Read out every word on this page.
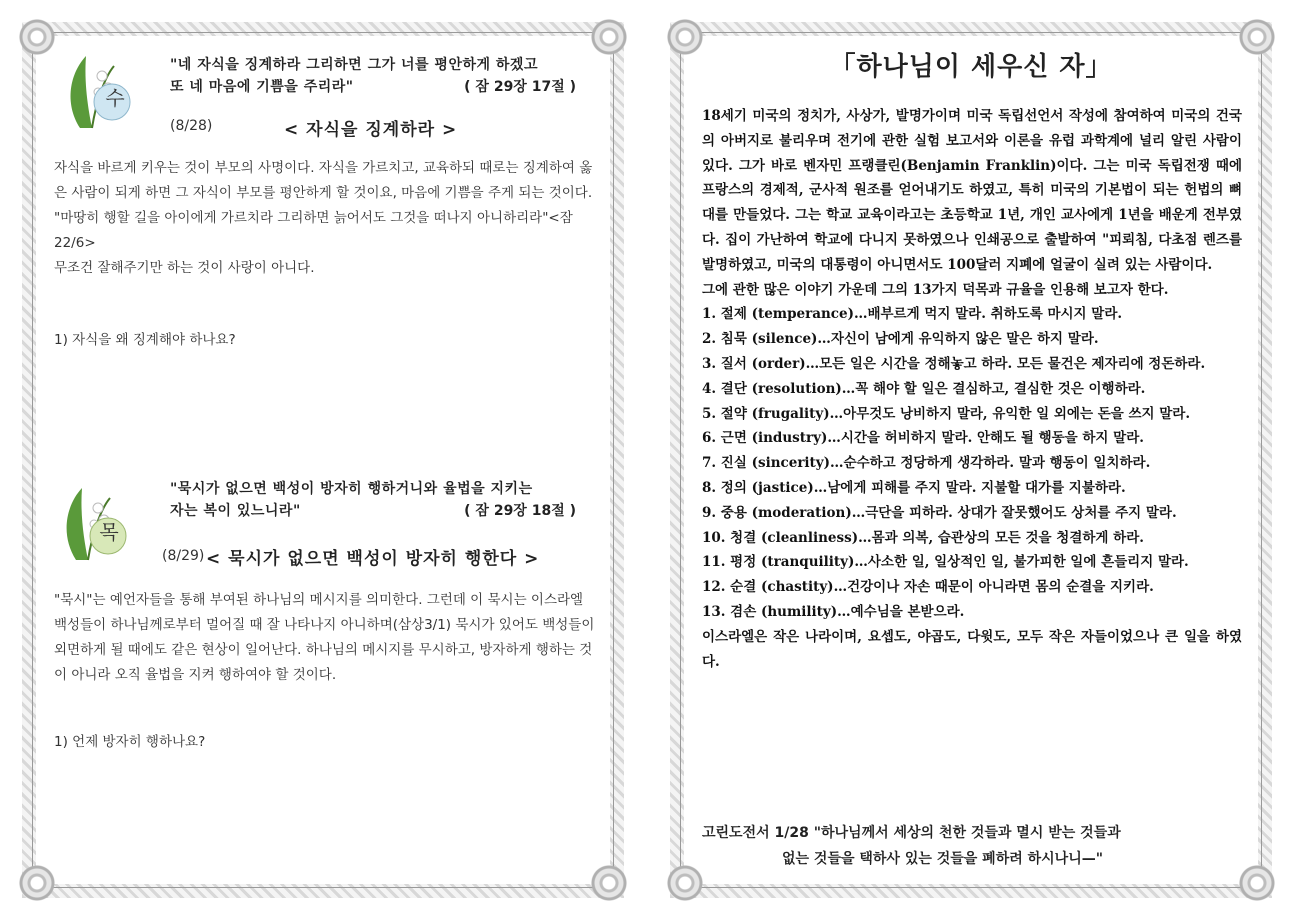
수
"네 자식을 징계하라 그리하면 그가 너를 평안하게 하겠고
또 네 마음에 기쁨을 주리라"	( 잠 29장 17절 )
(8/28)	< 자식을 징계하라 >

자식을 바르게 키우는 것이 부모의 사명이다. 자식을 가르치고, 교육하되 때로는 징계하여 옳은 사람이 되게 하면 그 자식이 부모를 평안하게 할 것이요, 마음에 기쁨을 주게 되는 것이다.

"마땅히 행할 길을 아이에게 가르치라 그리하면 늙어서도 그것을 떠나지 아니하리라"<잠22/6>

무조건 잘해주기만 하는 것이 사랑이 아니다.

1) 자식을 왜 징계해야 하나요?
목
"묵시가 없으면 백성이 방자히 행하거니와 율법을 지키는
자는 복이 있느니라"	( 잠 29장 18절 )
(8/29) < 묵시가 없으면 백성이 방자히 행한다 >

"묵시"는 예언자들을 통해 부여된 하나님의 메시지를 의미한다. 그런데 이 묵시는 이스라엘 백성들이 하나님께로부터 멀어질 때 잘 나타나지 아니하며(삼상3/1) 묵시가 있어도 백성들이 외면하게 될 때에도 같은 현상이 일어난다. 하나님의 메시지를 무시하고, 방자하게 행하는 것이 아니라 오직 율법을 지켜 행하여야 할 것이다.

1) 언제 방자히 행하나요?
「하나님이 세우신 자」

18세기 미국의 정치가, 사상가, 발명가이며 미국 독립선언서 작성에 참여하여 미국의 건국의 아버지로 불리우며 전기에 관한 실험 보고서와 이론을 유럽 과학계에 널리 알린 사람이 있다. 그가 바로 벤자민 프랭클린(Benjamin Franklin)이다. 그는 미국 독립전쟁 때에 프랑스의 경제적, 군사적 원조를 얻어내기도 하였고, 특히 미국의 기본법이 되는 헌법의 뼈대를 만들었다. 그는 학교 교육이라고는 초등학교 1년, 개인 교사에게 1년을 배운게 전부였다. 집이 가난하여 학교에 다니지 못하였으나 인쇄공으로 출발하여 "피뢰침, 다초점 렌즈를 발명하였고, 미국의 대통령이 아니면서도 100달러 지폐에 얼굴이 실려 있는 사람이다.

그에 관한 많은 이야기 가운데 그의 13가지 덕목과 규율을 인용해 보고자 한다.

1. 절제 (temperance)…배부르게 먹지 말라. 취하도록 마시지 말라.
2. 침묵 (silence)…자신이 남에게 유익하지 않은 말은 하지 말라.
3. 질서 (order)…모든 일은 시간을 정해놓고 하라. 모든 물건은 제자리에 정돈하라.
4. 결단 (resolution)…꼭 해야 할 일은 결심하고, 결심한 것은 이행하라.
5. 절약 (frugality)…아무것도 낭비하지 말라, 유익한 일 외에는 돈을 쓰지 말라.
6. 근면 (industry)…시간을 허비하지 말라. 안해도 될 행동을 하지 말라.
7. 진실 (sincerity)…순수하고 정당하게 생각하라. 말과 행동이 일치하라.
8. 정의 (jastice)…남에게 피해를 주지 말라. 지불할 대가를 지불하라.
9. 중용 (moderation)…극단을 피하라. 상대가 잘못했어도 상처를 주지 말라.
10. 청결 (cleanliness)…몸과 의복, 습관상의 모든 것을 청결하게 하라.
11. 평정 (tranquility)…사소한 일, 일상적인 일, 불가피한 일에 흔들리지 말라.
12. 순결 (chastity)…건강이나 자손 때문이 아니라면 몸의 순결을 지키라.
13. 겸손 (humility)…예수님을 본받으라.

이스라엘은 작은 나라이며, 요셉도, 야곱도, 다윗도, 모두 작은 자들이었으나 큰 일을 하였다.

고린도전서 1/28 "하나님께서 세상의 천한 것들과 멸시 받는 것들과
없는 것들을 택하사 있는 것들을 폐하려 하시나니—"
